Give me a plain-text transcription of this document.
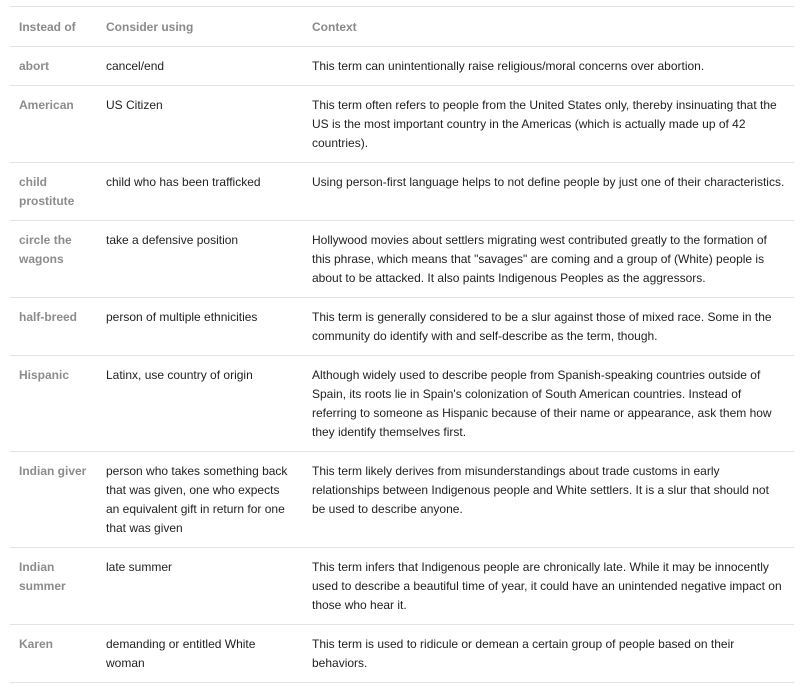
Instead of	Consider using	Context
abort	cancel/end	This term can unintentionally raise religious/moral concerns over abortion.
American	US Citizen	This term often refers to people from the United States only, thereby insinuating that the US is the most important country in the Americas (which is actually made up of 42 countries).
child prostitute	child who has been trafficked	Using person-first language helps to not define people by just one of their characteristics.
circle the wagons	take a defensive position	Hollywood movies about settlers migrating west contributed greatly to the formation of this phrase, which means that "savages" are coming and a group of (White) people is about to be attacked. It also paints Indigenous Peoples as the aggressors.
half-breed	person of multiple ethnicities	This term is generally considered to be a slur against those of mixed race. Some in the community do identify with and self-describe as the term, though.
Hispanic	Latinx, use country of origin	Although widely used to describe people from Spanish-speaking countries outside of Spain, its roots lie in Spain's colonization of South American countries. Instead of referring to someone as Hispanic because of their name or appearance, ask them how they identify themselves first.
Indian giver	person who takes something back that was given, one who expects an equivalent gift in return for one that was given	This term likely derives from misunderstandings about trade customs in early relationships between Indigenous people and White settlers. It is a slur that should not be used to describe anyone.
Indian summer	late summer	This term infers that Indigenous people are chronically late. While it may be innocently used to describe a beautiful time of year, it could have an unintended negative impact on those who hear it.
Karen	demanding or entitled White woman	This term is used to ridicule or demean a certain group of people based on their behaviors.
